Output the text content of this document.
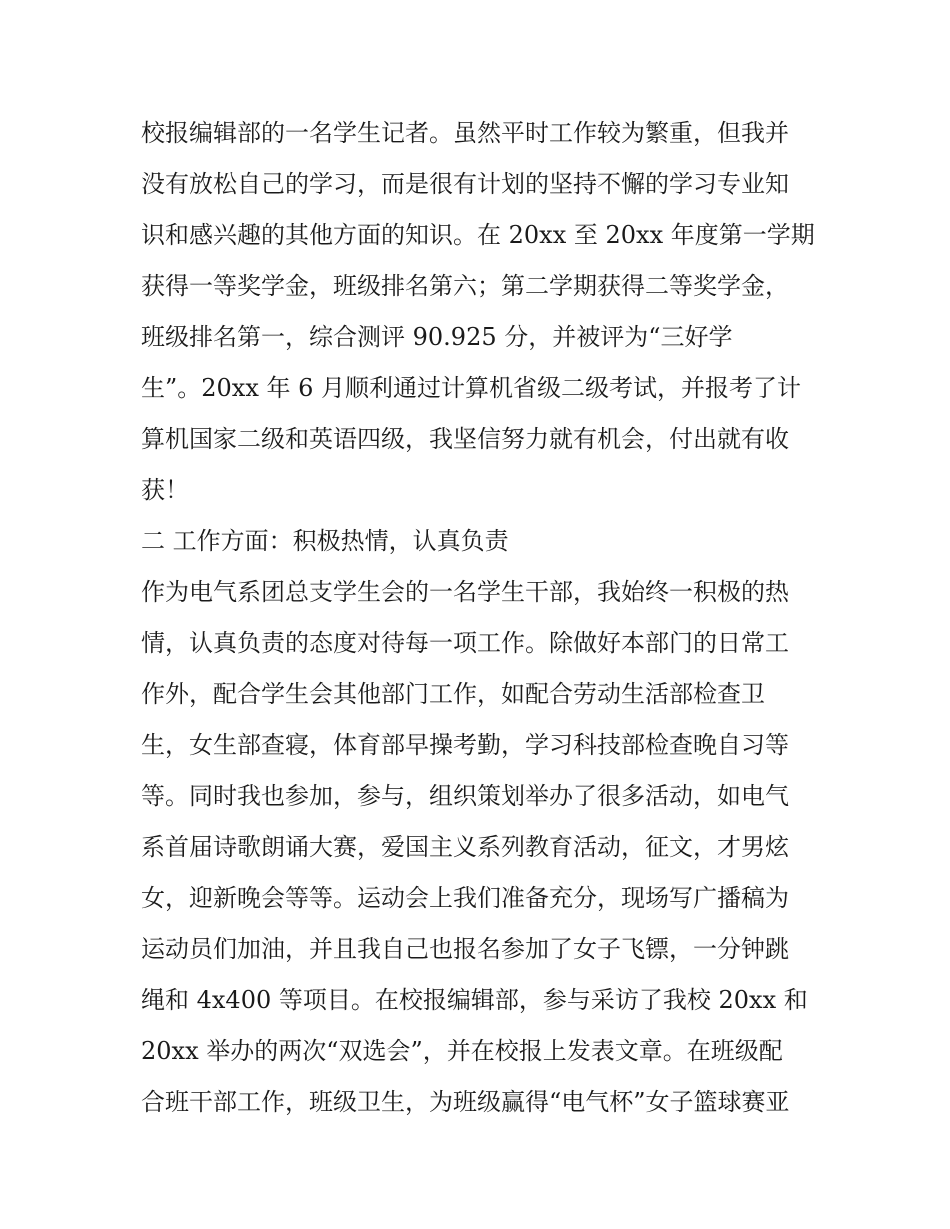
校报编辑部的一名学生记者。虽然平时工作较为繁重，但我并
没有放松自己的学习，而是很有计划的坚持不懈的学习专业知
识和感兴趣的其他方面的知识。在 20xx 至 20xx 年度第一学期
获得一等奖学金，班级排名第六；第二学期获得二等奖学金，
班级排名第一，综合测评 90.925 分，并被评为“三好学
生”。20xx 年 6 月顺利通过计算机省级二级考试，并报考了计
算机国家二级和英语四级，我坚信努力就有机会，付出就有收
获！
二 工作方面：积极热情，认真负责
作为电气系团总支学生会的一名学生干部，我始终一积极的热
情，认真负责的态度对待每一项工作。除做好本部门的日常工
作外，配合学生会其他部门工作，如配合劳动生活部检查卫
生，女生部查寝，体育部早操考勤，学习科技部检查晚自习等
等。同时我也参加，参与，组织策划举办了很多活动，如电气
系首届诗歌朗诵大赛，爱国主义系列教育活动，征文，才男炫
女，迎新晚会等等。运动会上我们准备充分，现场写广播稿为
运动员们加油，并且我自己也报名参加了女子飞镖，一分钟跳
绳和 4x400 等项目。在校报编辑部，参与采访了我校 20xx 和
20xx 举办的两次“双选会”，并在校报上发表文章。在班级配
合班干部工作，班级卫生，为班级赢得“电气杯”女子篮球赛亚
